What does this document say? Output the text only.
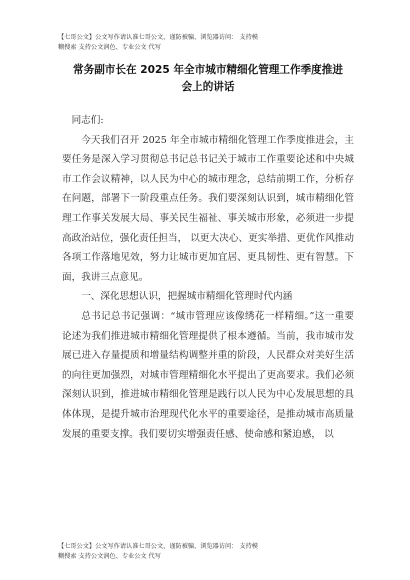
【七哥公文】公文写作请认准七哥公文，谨防被骗，浏览器访问： 支持模
糊搜索 支持公文润色、专业公文 代写
常务副市长在 2025 年全市城市精细化管理工作季度推进
会上的讲话

同志们:

今天我们召开 2025 年全市城市精细化管理工作季度推进会，主要任务是深入学习贯彻总书记总书记关于城市工作重要论述和中央城市工作会议精神，以人民为中心的城市理念，总结前期工作，分析存在问题，部署下一阶段重点任务。我们要深刻认识到，城市精细化管理工作事关发展大局、事关民生福祉、事关城市形象，必须进一步提高政治站位，强化责任担当， 以更大决心、更实举措、更优作风推动各项工作落地见效，努力让城市更加宜居、更具韧性、更有智慧。下面，我讲三点意见。

一、深化思想认识，把握城市精细化管理时代内涵

总书记总书记强调：“城市管理应该像绣花一样精细。”这一重要论述为我们推进城市精细化管理提供了根本遵循。当前，我市城市发展已进入存量提质和增量结构调整并重的阶段，人民群众对美好生活的向往更加强烈，对城市管理精细化水平提出了更高要求。我们必须深刻认识到，推进城市精细化管理是践行以人民为中心发展思想的具体体现，是提升城市治理现代化水平的重要途径，是推动城市高质量发展的重要支撑。我们要切实增强责任感、使命感和紧迫感， 以

【七哥公文】公文写作请认准七哥公文，谨防被骗，浏览器访问： 支持模
糊搜索 支持公文润色、专业公文 代写
